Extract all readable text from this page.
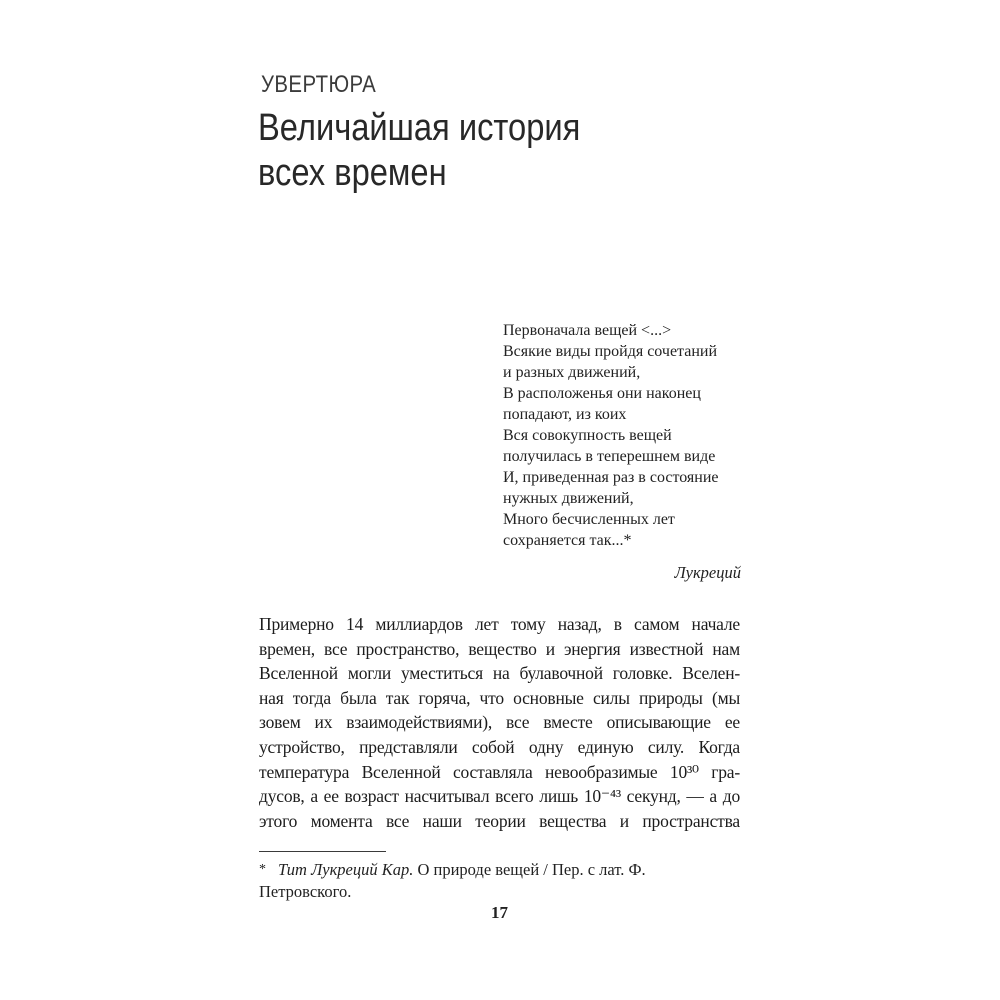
УВЕРТЮРА
Величайшая история
всех времен
Первоначала вещей <...>
Всякие виды пройдя сочетаний
и разных движений,
В расположенья они наконец
попадают, из коих
Вся совокупность вещей
получилась в теперешнем виде
И, приведенная раз в состояние
нужных движений,
Много бесчисленных лет
сохраняется так...*
Лукреций
Примерно 14 миллиардов лет тому назад, в самом начале
времен, все пространство, вещество и энергия известной нам
Вселенной могли уместиться на булавочной головке. Вселен-
ная тогда была так горяча, что основные силы природы (мы
зовем их взаимодействиями), все вместе описывающие ее
устройство, представляли собой одну единую силу. Когда
температура Вселенной составляла невообразимые 10³⁰ гра-
дусов, а ее возраст насчитывал всего лишь 10⁻⁴³ секунд, — а до
этого момента все наши теории вещества и пространства
* Тит Лукреций Кар. О природе вещей / Пер. с лат. Ф. Петровского.
17
